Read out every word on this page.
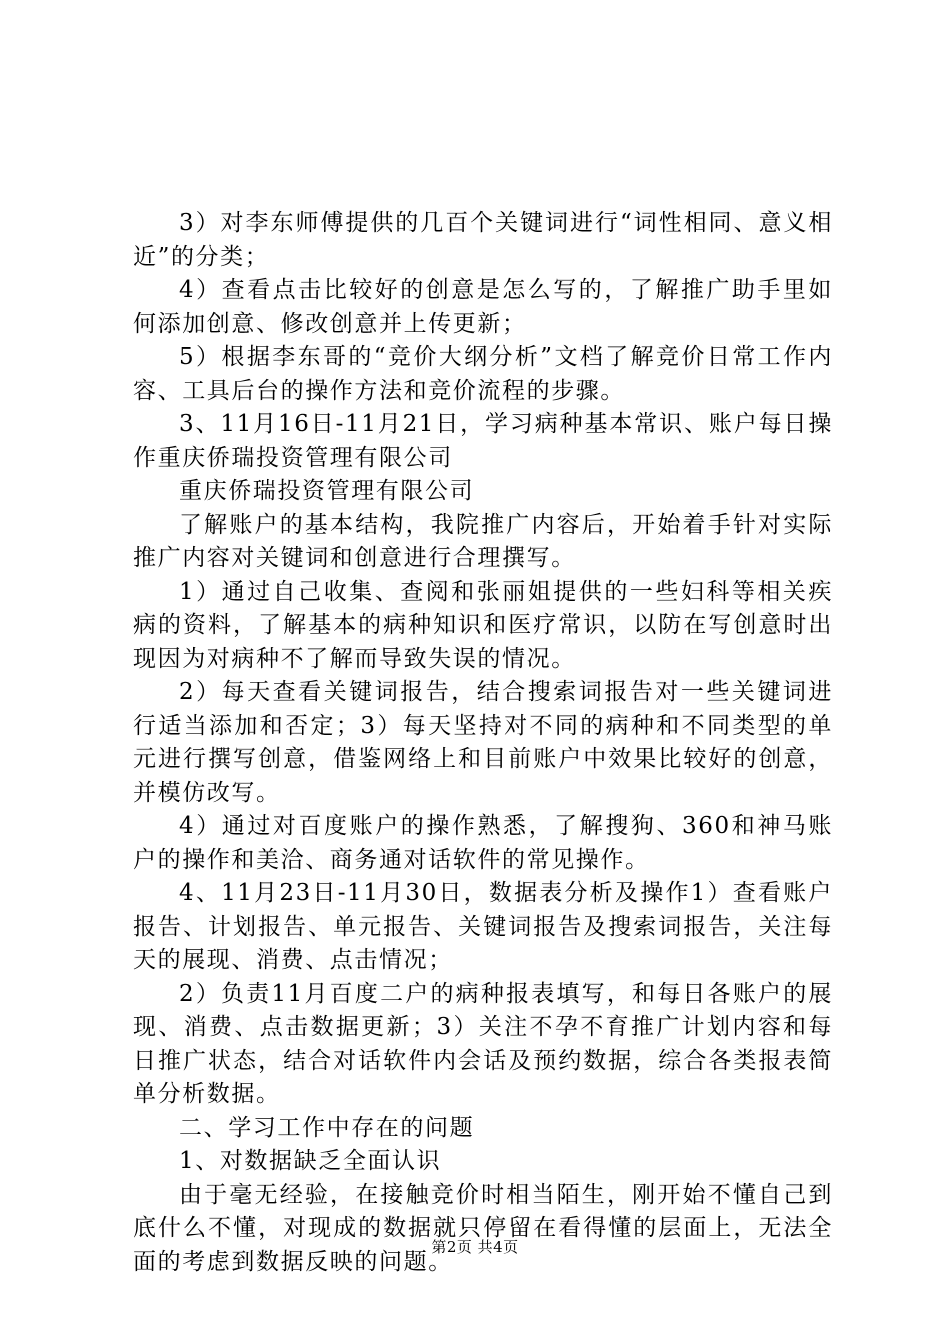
3）对李东师傅提供的几百个关键词进行“词性相同、意义相近”的分类；

4）查看点击比较好的创意是怎么写的，了解推广助手里如何添加创意、修改创意并上传更新；

5）根据李东哥的“竞价大纲分析”文档了解竞价日常工作内容、工具后台的操作方法和竞价流程的步骤。

3、11月16日-11月21日，学习病种基本常识、账户每日操作重庆侨瑞投资管理有限公司

重庆侨瑞投资管理有限公司

了解账户的基本结构，我院推广内容后，开始着手针对实际推广内容对关键词和创意进行合理撰写。

1）通过自己收集、查阅和张丽姐提供的一些妇科等相关疾病的资料，了解基本的病种知识和医疗常识，以防在写创意时出现因为对病种不了解而导致失误的情况。

2）每天查看关键词报告，结合搜索词报告对一些关键词进行适当添加和否定；3）每天坚持对不同的病种和不同类型的单元进行撰写创意，借鉴网络上和目前账户中效果比较好的创意，并模仿改写。

4）通过对百度账户的操作熟悉，了解搜狗、360和神马账户的操作和美洽、商务通对话软件的常见操作。

4、11月23日-11月30日，数据表分析及操作1）查看账户报告、计划报告、单元报告、关键词报告及搜索词报告，关注每天的展现、消费、点击情况；

2）负责11月百度二户的病种报表填写，和每日各账户的展现、消费、点击数据更新；3）关注不孕不育推广计划内容和每日推广状态，结合对话软件内会话及预约数据，综合各类报表简单分析数据。

二、学习工作中存在的问题

1、对数据缺乏全面认识

由于毫无经验，在接触竞价时相当陌生，刚开始不懂自己到底什么不懂，对现成的数据就只停留在看得懂的层面上，无法全面的考虑到数据反映的问题。

第2页 共4页
